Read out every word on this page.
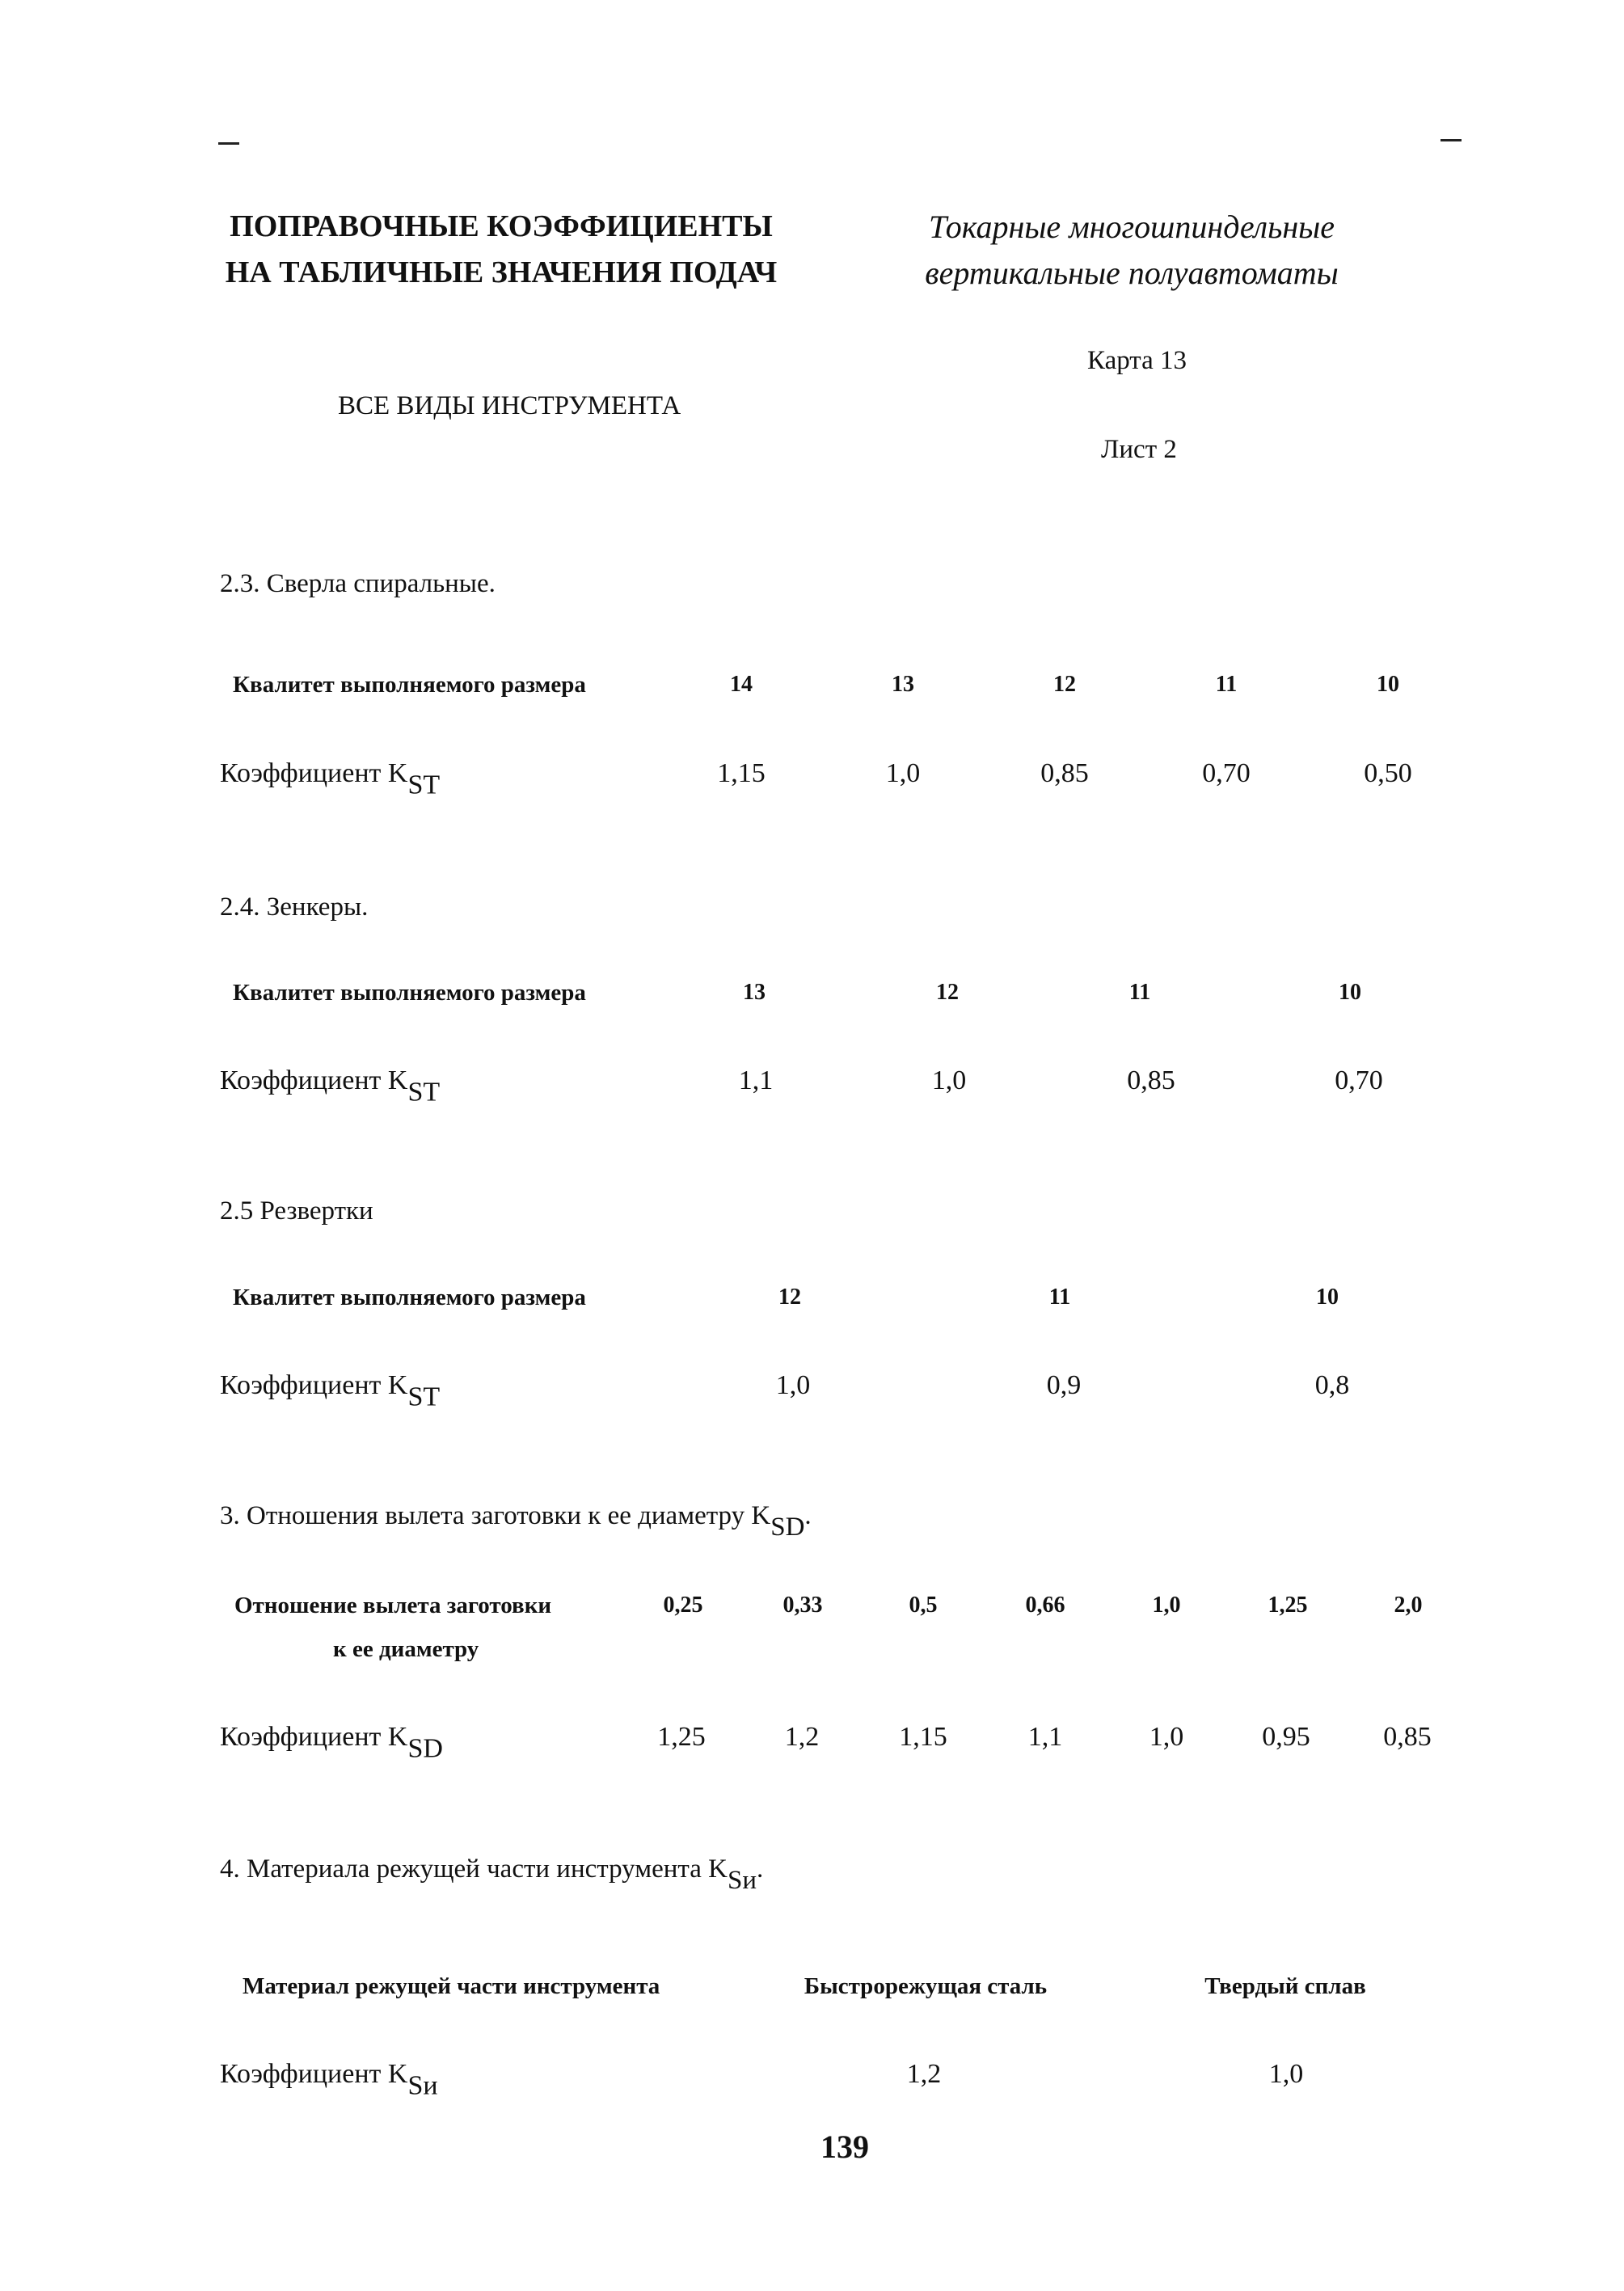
ПОПРАВОЧНЫЕ КОЭФФИЦИЕНТЫ
НА ТАБЛИЧНЫЕ ЗНАЧЕНИЯ ПОДАЧ
Токарные многошпиндельные
вертикальные полуавтоматы
Карта 13
ВСЕ ВИДЫ ИНСТРУМЕНТА
Лист 2
2.3. Сверла спиральные.
Квалитет выполняемого размера	14	13	12	11	10
Коэффициент $K_{ST}$	1,15	1,0	0,85	0,70	0,50
2.4. Зенкеры.
Квалитет выполняемого размера	13	12	11	10
Коэффициент $K_{ST}$	1,1	1,0	0,85	0,70
2.5 Резвертки
Квалитет выполняемого размера	12	11	10
Коэффициент $K_{ST}$	1,0	0,9	0,8
3. Отношения вылета заготовки к ее диаметру $K_{SD}$.
Отношение вылета заготовки
к ее диаметру
0,25	0,33	0,5	0,66	1,0	1,25	2,0
Коэффициент $K_{SD}$	1,25	1,2	1,15	1,1	1,0	0,95	0,85
4. Материала режущей части инструмента $K_{Sи}$.
Материал режущей части инструмента	Быстрорежущая сталь	Твердый сплав
Коэффициент $K_{Sи}$	1,2	1,0
139
